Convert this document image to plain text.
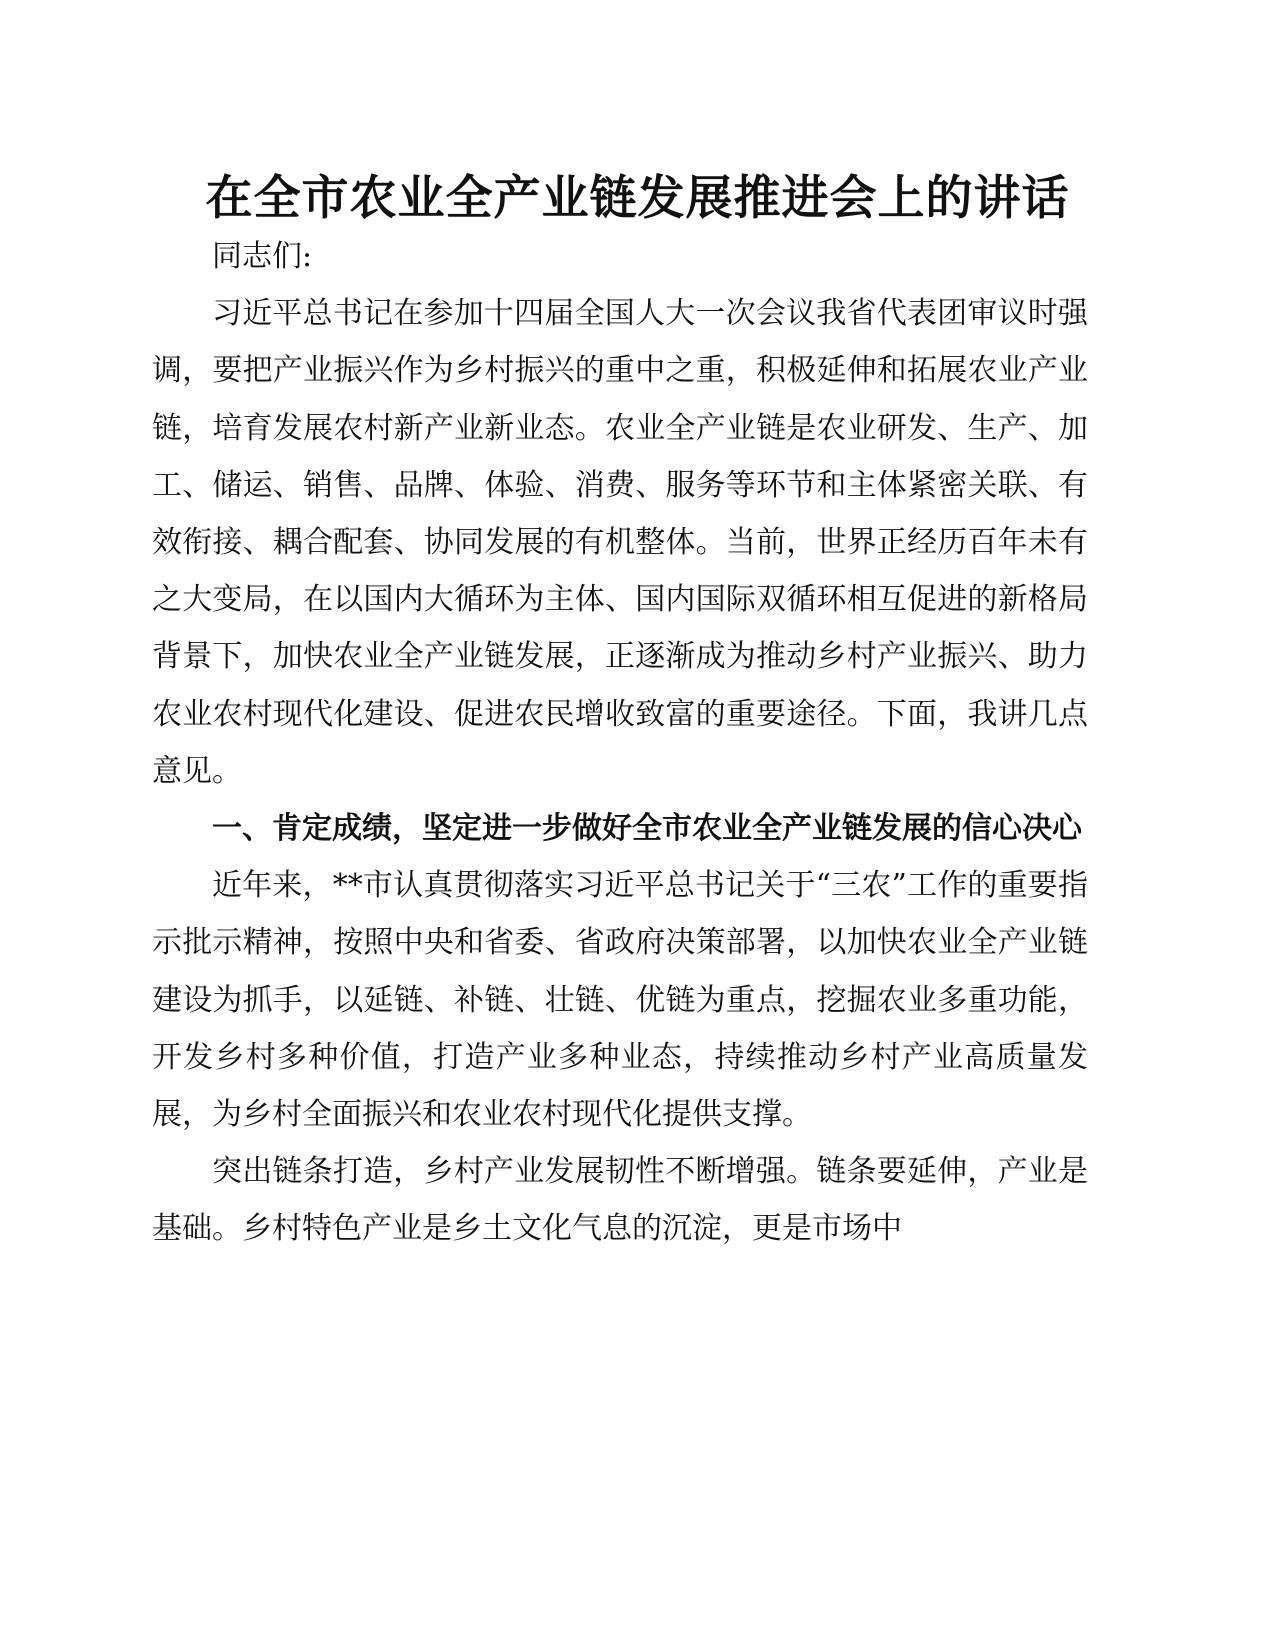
在全市农业全产业链发展推进会上的讲话

同志们:

习近平总书记在参加十四届全国人大一次会议我省代表团审议时强调，要把产业振兴作为乡村振兴的重中之重，积极延伸和拓展农业产业链，培育发展农村新产业新业态。农业全产业链是农业研发、生产、加工、储运、销售、品牌、体验、消费、服务等环节和主体紧密关联、有效衔接、耦合配套、协同发展的有机整体。当前，世界正经历百年未有之大变局，在以国内大循环为主体、国内国际双循环相互促进的新格局背景下，加快农业全产业链发展，正逐渐成为推动乡村产业振兴、助力农业农村现代化建设、促进农民增收致富的重要途径。下面，我讲几点意见。

一、肯定成绩，坚定进一步做好全市农业全产业链发展的信心决心

近年来，**市认真贯彻落实习近平总书记关于“三农”工作的重要指示批示精神，按照中央和省委、省政府决策部署，以加快农业全产业链建设为抓手，以延链、补链、壮链、优链为重点，挖掘农业多重功能，开发乡村多种价值，打造产业多种业态，持续推动乡村产业高质量发展，为乡村全面振兴和农业农村现代化提供支撑。

突出链条打造，乡村产业发展韧性不断增强。链条要延伸，产业是基础。乡村特色产业是乡土文化气息的沉淀，更是市场中
